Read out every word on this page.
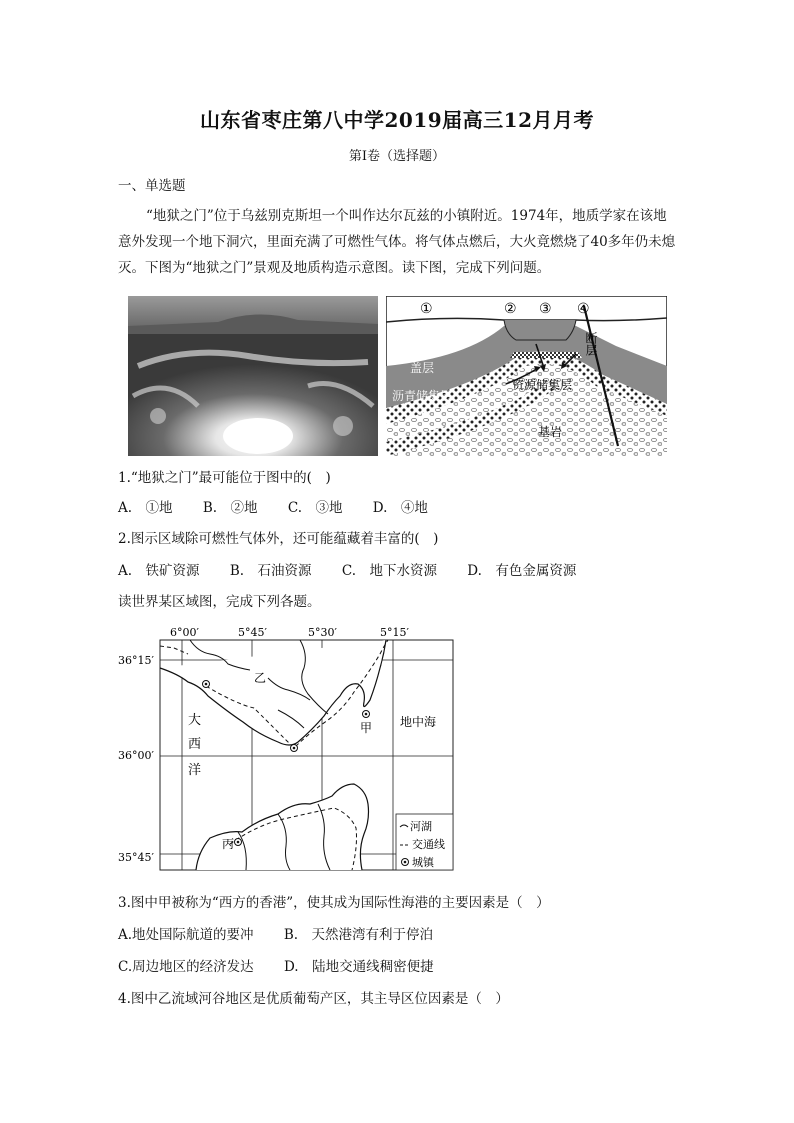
山东省枣庄第八中学2019届高三12月月考
第Ⅰ卷（选择题）
一、单选题
“地狱之门”位于乌兹别克斯坦一个叫作达尔瓦兹的小镇附近。1974年，地质学家在该地意外发现一个地下洞穴，里面充满了可燃性气体。将气体点燃后，大火竟燃烧了40多年仍未熄灭。下图为“地狱之门”景观及地质构造示意图。读下图，完成下列问题。
①	② ③ ④
盖层
沥青储集层
资源储集层
基岩
断层
1.“地狱之门”最可能位于图中的(　)
A.　①地 B.　②地 C.　③地 D.　④地
2.图示区域除可燃性气体外，还可能蕴藏着丰富的(　)
A.　铁矿资源 B.　石油资源 C.　地下水资源 D.　有色金属资源
读世界某区域图，完成下列各题。
6°00′	5°45′	5°30′	5°15′
36°15′
36°00′
35°45′
乙
甲
丙
大
西
洋
地中海
河湖
交通线
城镇
3.图中甲被称为“西方的香港”，使其成为国际性海港的主要因素是（　）
A.地处国际航道的要冲 B.　天然港湾有利于停泊
C.周边地区的经济发达 D.　陆地交通线稠密便捷
4.图中乙流域河谷地区是优质葡萄产区，其主导区位因素是（　）
